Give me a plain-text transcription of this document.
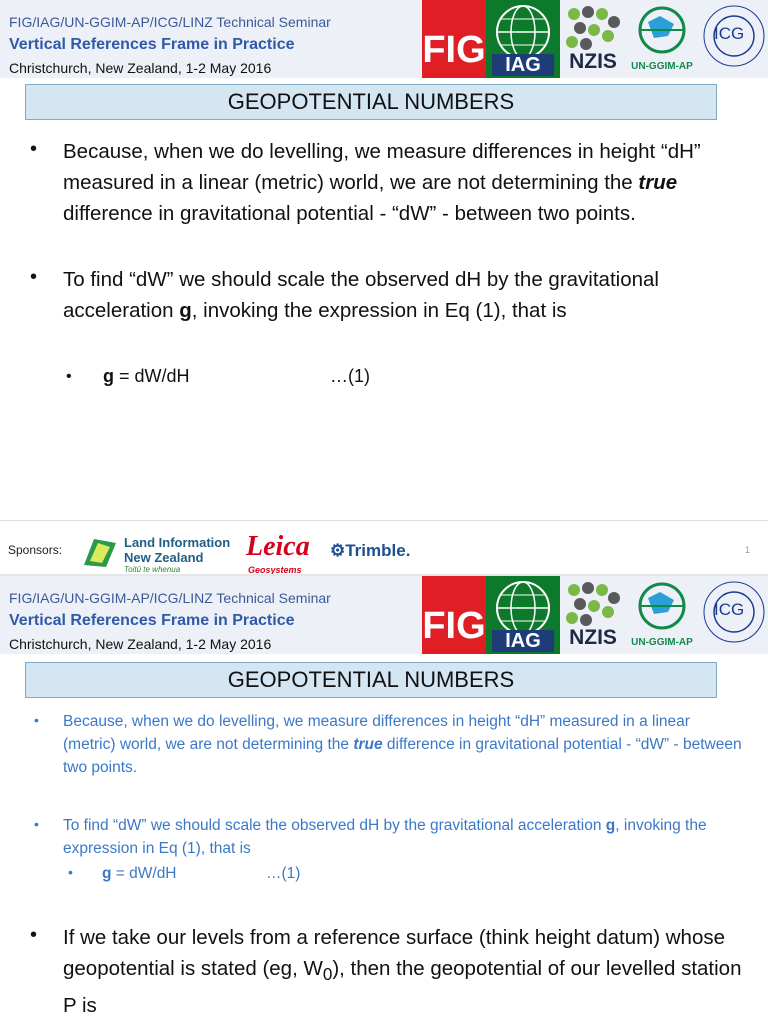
FIG/IAG/UN-GGIM-AP/ICG/LINZ Technical Seminar
Vertical References Frame in Practice
Christchurch, New Zealand, 1-2 May 2016	FIG IAG	NZIS	UN-GGIM-AP
ICG
GEOPOTENTIAL NUMBERS
• Because, when we do levelling, we measure differences in height “dH” measured in a linear (metric) world, we are not determining the true difference in gravitational potential - “dW” - between two points.
• To find “dW” we should scale the observed dH by the gravitational acceleration g, invoking the expression in Eq (1), that is
• g = dW/dH	…(1)
Sponsors:	Land Information
New Zealand
Toitū te whenua
Leica
Geosystems
⚙Trimble.	1
FIG/IAG/UN-GGIM-AP/ICG/LINZ Technical Seminar
Vertical References Frame in Practice
Christchurch, New Zealand, 1-2 May 2016	FIG IAG	NZIS	UN-GGIM-AP
ICG
GEOPOTENTIAL NUMBERS
• Because, when we do levelling, we measure differences in height “dH” measured in a linear (metric) world, we are not determining the true difference in gravitational potential - “dW” - between two points.
• To find “dW” we should scale the observed dH by the gravitational acceleration g, invoking the expression in Eq (1), that is
• g = dW/dH	…(1)
• If we take our levels from a reference surface (think height datum) whose geopotential is stated (eg, $W_0$), then the geopotential of our levelled station P is
